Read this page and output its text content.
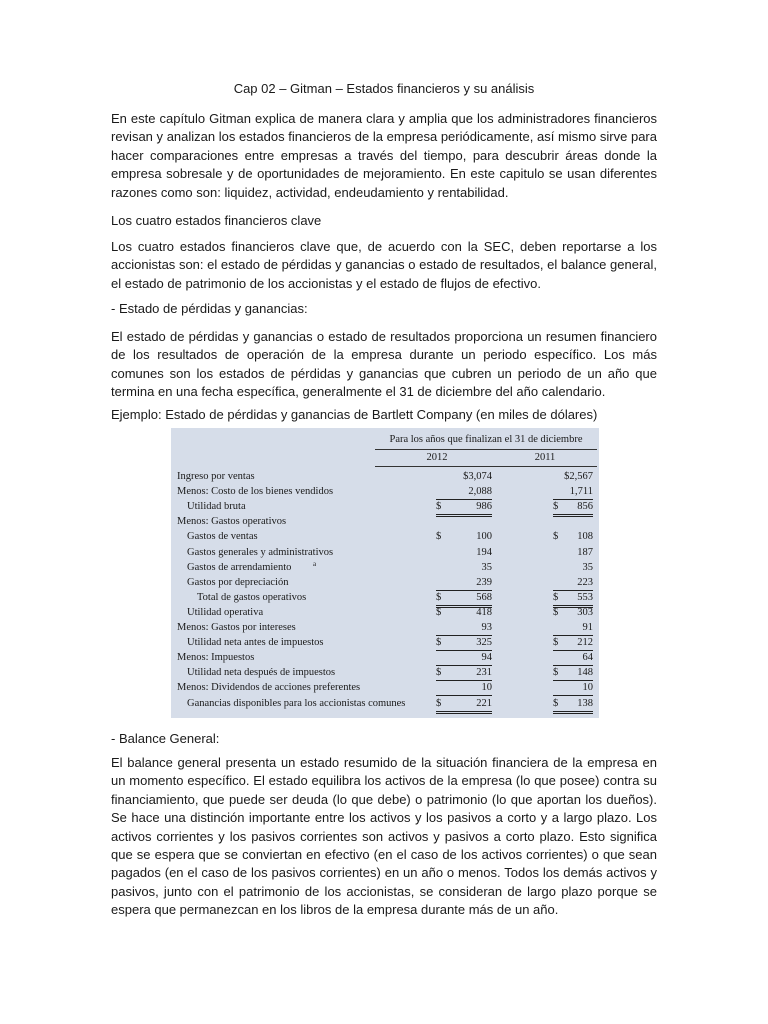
Cap 02 – Gitman – Estados financieros y su análisis

En este capítulo Gitman explica de manera clara y amplia que los administradores financieros revisan y analizan los estados financieros de la empresa periódicamente, así mismo sirve para hacer comparaciones entre empresas a través del tiempo, para descubrir áreas donde la empresa sobresale y de oportunidades de mejoramiento. En este capitulo se usan diferentes razones como son: liquidez, actividad, endeudamiento y rentabilidad.

Los cuatro estados financieros clave

Los cuatro estados financieros clave que, de acuerdo con la SEC, deben reportarse a los accionistas son: el estado de pérdidas y ganancias o estado de resultados, el balance general, el estado de patrimonio de los accionistas y el estado de flujos de efectivo.

- Estado de pérdidas y ganancias:

El estado de pérdidas y ganancias o estado de resultados proporciona un resumen financiero de los resultados de operación de la empresa durante un periodo específico. Los más comunes son los estados de pérdidas y ganancias que cubren un periodo de un año que termina en una fecha específica, generalmente el 31 de diciembre del año calendario.

Ejemplo: Estado de pérdidas y ganancias de Bartlett Company (en miles de dólares)
Para los años que finalizan el 31 de diciembre
2012	2011
Ingreso por ventas	$3,074	$2,567
Menos: Costo de los bienes vendidos	2,088	1,711
Utilidad bruta	$	986	$ 856
Menos: Gastos operativos
Gastos de ventas	$	100	$ 108
Gastos generales y administrativos	194	187
Gastos de arrendamiento	a	35	35
Gastos por depreciación	239	223
Total de gastos operativos	$	568	$ 553
Utilidad operativa	$	418	$ 303
Menos: Gastos por intereses	93	91
Utilidad neta antes de impuestos	$	325	$ 212
Menos: Impuestos	94	64
Utilidad neta después de impuestos	$	231	$ 148
Menos: Dividendos de acciones preferentes	10	10
Ganancias disponibles para los accionistas comunes	$	221	$ 138
- Balance General:

El balance general presenta un estado resumido de la situación financiera de la empresa en un momento específico. El estado equilibra los activos de la empresa (lo que posee) contra su financiamiento, que puede ser deuda (lo que debe) o patrimonio (lo que aportan los dueños). Se hace una distinción importante entre los activos y los pasivos a corto y a largo plazo. Los activos corrientes y los pasivos corrientes son activos y pasivos a corto plazo. Esto significa que se espera que se conviertan en efectivo (en el caso de los activos corrientes) o que sean pagados (en el caso de los pasivos corrientes) en un año o menos. Todos los demás activos y pasivos, junto con el patrimonio de los accionistas, se consideran de largo plazo porque se espera que permanezcan en los libros de la empresa durante más de un año.
